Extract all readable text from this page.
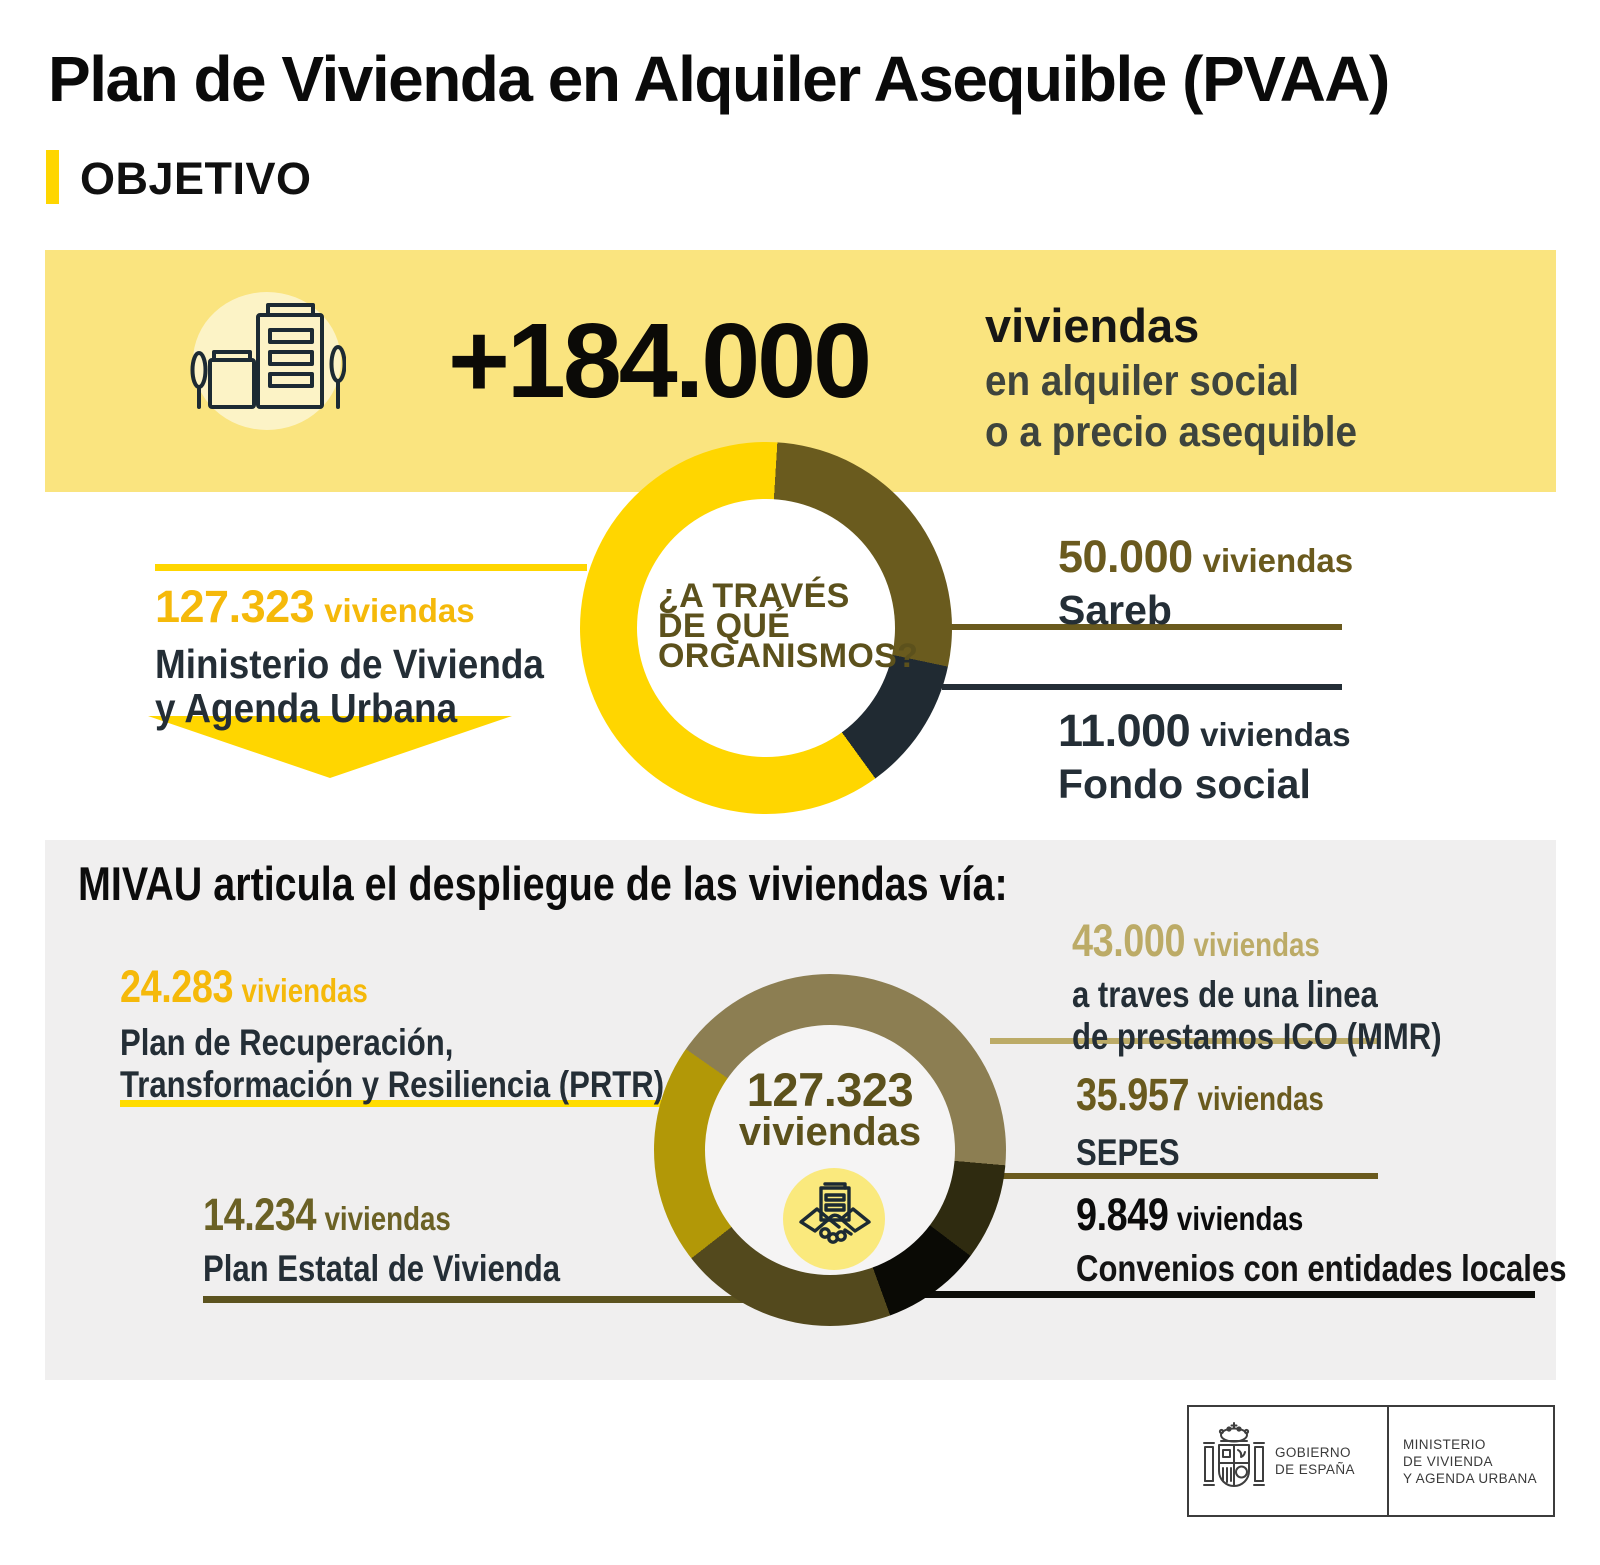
Plan de Vivienda en Alquiler Asequible (PVAA)
OBJETIVO
+184.000 viviendas
en alquiler social
o a precio asequible
¿A TRAVÉS
DE QUÉ
ORGANISMOS?
127.323 viviendas
Ministerio de Vivienda
y Agenda Urbana
50.000 viviendas
Sareb
11.000 viviendas
Fondo social
MIVAU articula el despliegue de las viviendas vía:
127.323
viviendas
24.283 viviendas
Plan de Recuperación,
Transformación y Resiliencia (PRTR)
43.000 viviendas
a traves de una linea
de prestamos ICO (MMR)
35.957 viviendas
SEPES
14.234 viviendas
Plan Estatal de Vivienda
9.849 viviendas
Convenios con entidades locales
GOBIERNO
DE ESPAÑA
MINISTERIO
DE VIVIENDA
Y AGENDA URBANA
